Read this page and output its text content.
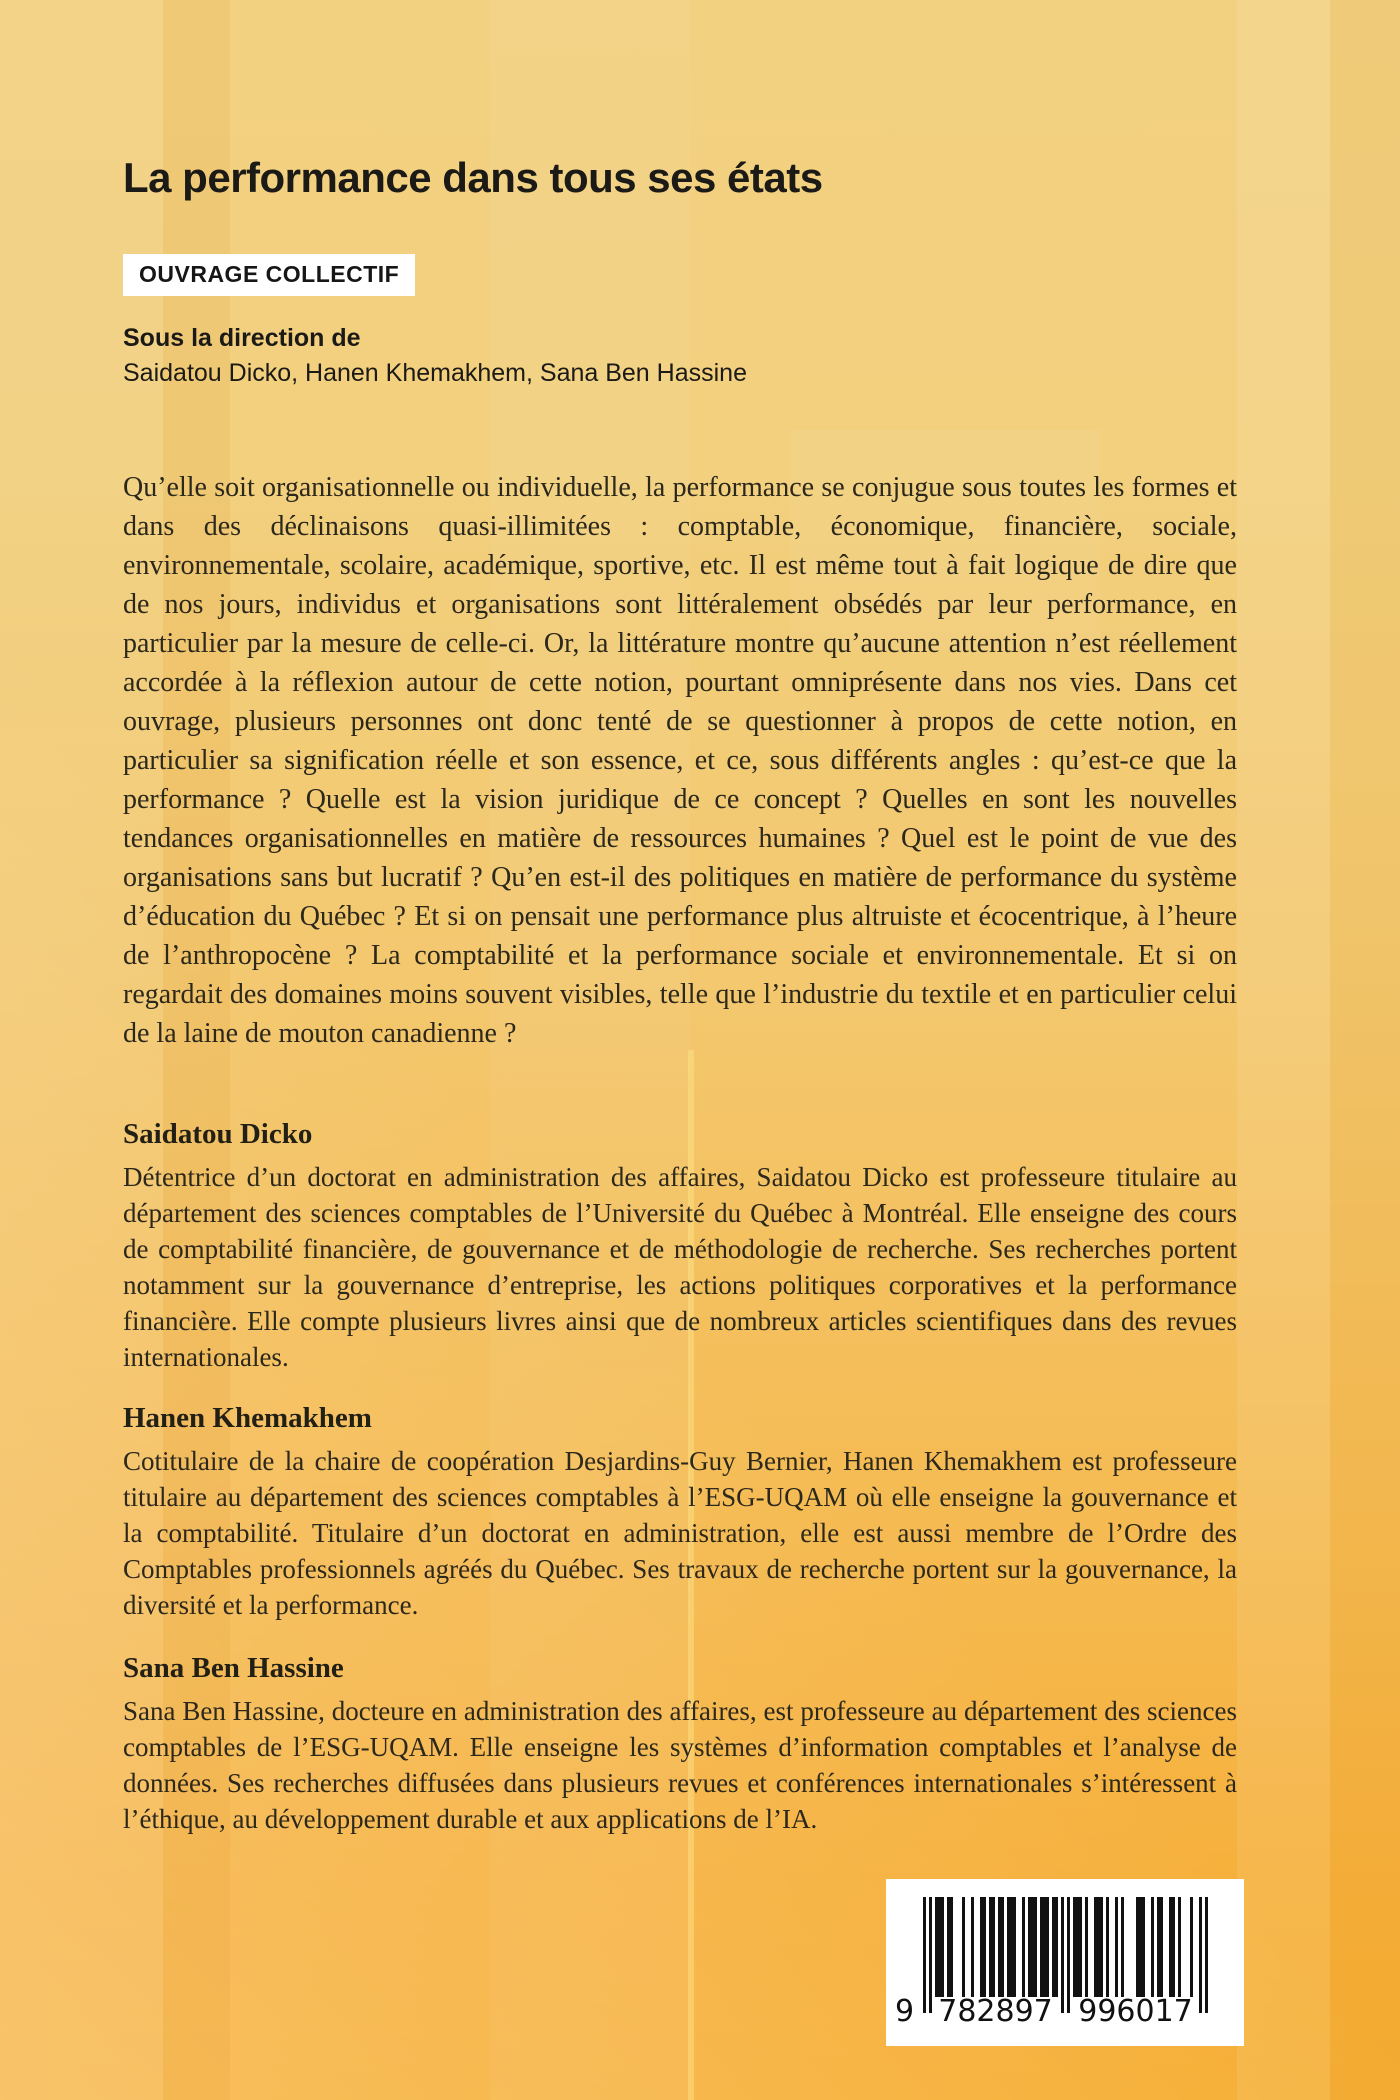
La performance dans tous ses états
OUVRAGE COLLECTIF
Sous la direction de
Saidatou Dicko, Hanen Khemakhem, Sana Ben Hassine

Qu’elle soit organisationnelle ou individuelle, la performance se conjugue sous toutes les formes et dans des déclinaisons quasi-illimitées : comptable, économique, financière, sociale, environnementale, scolaire, académique, sportive, etc. Il est même tout à fait logique de dire que de nos jours, individus et organisations sont littéralement obsédés par leur performance, en particulier par la mesure de celle-ci. Or, la littérature montre qu’aucune attention n’est réellement accordée à la réflexion autour de cette notion, pourtant omniprésente dans nos vies. Dans cet ouvrage, plusieurs personnes ont donc tenté de se questionner à propos de cette notion, en particulier sa signification réelle et son essence, et ce, sous différents angles : qu’est-ce que la performance ? Quelle est la vision juridique de ce concept ? Quelles en sont les nouvelles tendances organisationnelles en matière de ressources humaines ? Quel est le point de vue des organisations sans but lucratif ? Qu’en est-il des politiques en matière de performance du système d’éducation du Québec ? Et si on pensait une performance plus altruiste et écocentrique, à l’heure de l’anthropocène ? La comptabilité et la performance sociale et environnementale. Et si on regardait des domaines moins souvent visibles, telle que l’industrie du textile et en particulier celui de la laine de mouton canadienne ?

Saidatou Dicko

Détentrice d’un doctorat en administration des affaires, Saidatou Dicko est professeure titulaire au département des sciences comptables de l’Université du Québec à Montréal. Elle enseigne des cours de comptabilité financière, de gouvernance et de méthodologie de recherche. Ses recherches portent notamment sur la gouvernance d’entreprise, les actions politiques corporatives et la performance financière. Elle compte plusieurs livres ainsi que de nombreux articles scientifiques dans des revues internationales.

Hanen Khemakhem

Cotitulaire de la chaire de coopération Desjardins-Guy Bernier, Hanen Khemakhem est professeure titulaire au département des sciences comptables à l’ESG-UQAM où elle enseigne la gouvernance et la comptabilité. Titulaire d’un doctorat en administration, elle est aussi membre de l’Ordre des Comptables professionnels agréés du Québec. Ses travaux de recherche portent sur la gouvernance, la diversité et la performance.

Sana Ben Hassine

Sana Ben Hassine, docteure en administration des affaires, est professeure au département des sciences comptables de l’ESG-UQAM. Elle enseigne les systèmes d’information comptables et l’analyse de données. Ses recherches diffusées dans plusieurs revues et conférences internationales s’intéressent à l’éthique, au développement durable et aux applications de l’IA.

9 782897 996017
